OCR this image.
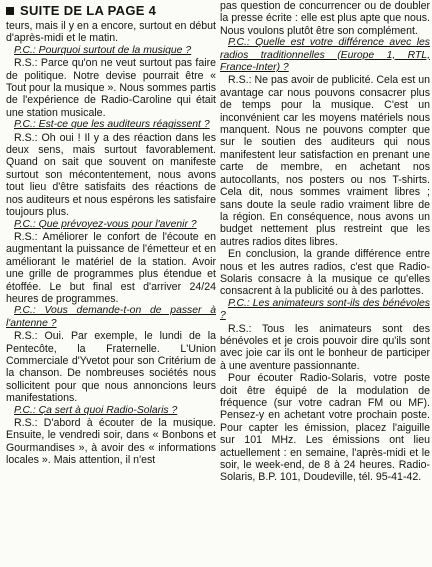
SUITE DE LA PAGE 4

teurs, mais il y en a encore, surtout en début d'après-midi et le matin.

P.C.: Pourquoi surtout de la musique ?

R.S.: Parce qu'on ne veut surtout pas faire de politique. Notre devise pourrait être « Tout pour la musique ». Nous sommes partis de l'expérience de Radio-Caroline qui était une station musicale.

P.C.: Est-ce que les auditeurs réagissent ?

R.S.: Oh oui ! Il y a des réaction dans les deux sens, mais surtout favorablement. Quand on sait que souvent on manifeste surtout son mécontentement, nous avons tout lieu d'être satisfaits des réactions de nos auditeurs et nous espérons les satisfaire toujours plus.

P.C.: Que prévoyez-vous pour l'avenir ?

R.S.: Améliorer le confort de l'écoute en augmentant la puissance de l'émetteur et en améliorant le matériel de la station. Avoir une grille de programmes plus étendue et étoffée. Le but final est d'arriver 24/24 heures de programmes.

P.C.: Vous demande-t-on de passer à l'antenne ?

R.S.: Oui. Par exemple, le lundi de la Pentecôte, la Fraternelle. L'Union Commerciale d'Yvetot pour son Critérium de la chanson. De nombreuses sociétés nous sollicitent pour que nous annoncions leurs manifestations.

P.C.: Ça sert à quoi Radio-Solaris ?

R.S.: D'abord à écouter de la musique. Ensuite, le vendredi soir, dans « Bonbons et Gourmandises », à avoir des « informations locales ». Mais attention, il n'est

pas question de concurrencer ou de doubler la presse écrite : elle est plus apte que nous. Nous voulons plutôt être son complément.

P.C.: Quelle est votre différence avec les radios traditionnelles (Europe 1, RTL, France-Inter) ?

R.S.: Ne pas avoir de publicité. Cela est un avantage car nous pouvons consacrer plus de temps pour la musique. C'est un inconvénient car les moyens matériels nous manquent. Nous ne pouvons compter que sur le soutien des auditeurs qui nous manifestent leur satisfaction en prenant une carte de membre, en achetant nos autocollants, nos posters ou nos T-shirts. Cela dit, nous sommes vraiment libres ; sans doute la seule radio vraiment libre de la région. En conséquence, nous avons un budget nettement plus restreint que les autres radios dites libres.

En conclusion, la grande différence entre nous et les autres radios, c'est que Radio-Solaris consacre à la musique ce qu'elles consacrent à la publicité ou à des parlottes.

P.C.: Les animateurs sont-ils des bénévoles ?

R.S.: Tous les animateurs sont des bénévoles et je crois pouvoir dire qu'ils sont avec joie car ils ont le bonheur de participer à une aventure passionnante.

Pour écouter Radio-Solaris, votre poste doit être équipé de la modulation de fréquence (sur votre cadran FM ou MF). Pensez-y en achetant votre prochain poste. Pour capter les émission, placez l'aiguille sur 101 MHz. Les émissions ont lieu actuellement : en semaine, l'après-midi et le soir, le week-end, de 8 à 24 heures. Radio-Solaris, B.P. 101, Doudeville, tél. 95-41-42.
